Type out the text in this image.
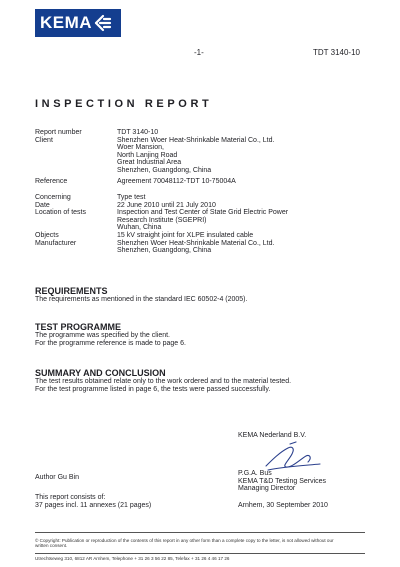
KEMA
-1-	TDT 3140-10
INSPECTION REPORT
Report number	TDT 3140-10
Client	Shenzhen Woer Heat-Shrinkable Material Co., Ltd.
Woer Mansion,
North Lanjing Road
Great Industrial Area
Shenzhen, Guangdong, China
Reference	Agreement 70048112-TDT 10-75004A
Concerning	Type test
Date	22 June 2010 until 21 July 2010
Location of tests	Inspection and Test Center of State Grid Electric Power
Research Institute (SGEPRI)
Wuhan, China
Objects	15 kV straight joint for XLPE insulated cable
Manufacturer	Shenzhen Woer Heat-Shrinkable Material Co., Ltd.
Shenzhen, Guangdong, China
REQUIREMENTS

The requirements as mentioned in the standard IEC 60502-4 (2005).

TEST PROGRAMME

The programme was specified by the client.

For the programme reference is made to page 6.

SUMMARY AND CONCLUSION

The test results obtained relate only to the work ordered and to the material tested.

For the test programme listed in page 6, the tests were passed successfully.

KEMA Nederland B.V.
P.G.A. Bus
KEMA T&D Testing Services
Managing Director
Author Gu Bin
This report consists of:
37 pages incl. 11 annexes (21 pages)	Arnhem, 30 September 2010
© Copyright: Publication or reproduction of the contents of this report in any other form than a complete copy to the letter, is not allowed without our
written consent.
Utrechtseweg 310, 6812 AR Arnhem, Telephone + 31 26 3 56 22 85, Telefax + 31 26 4 46 17 26
